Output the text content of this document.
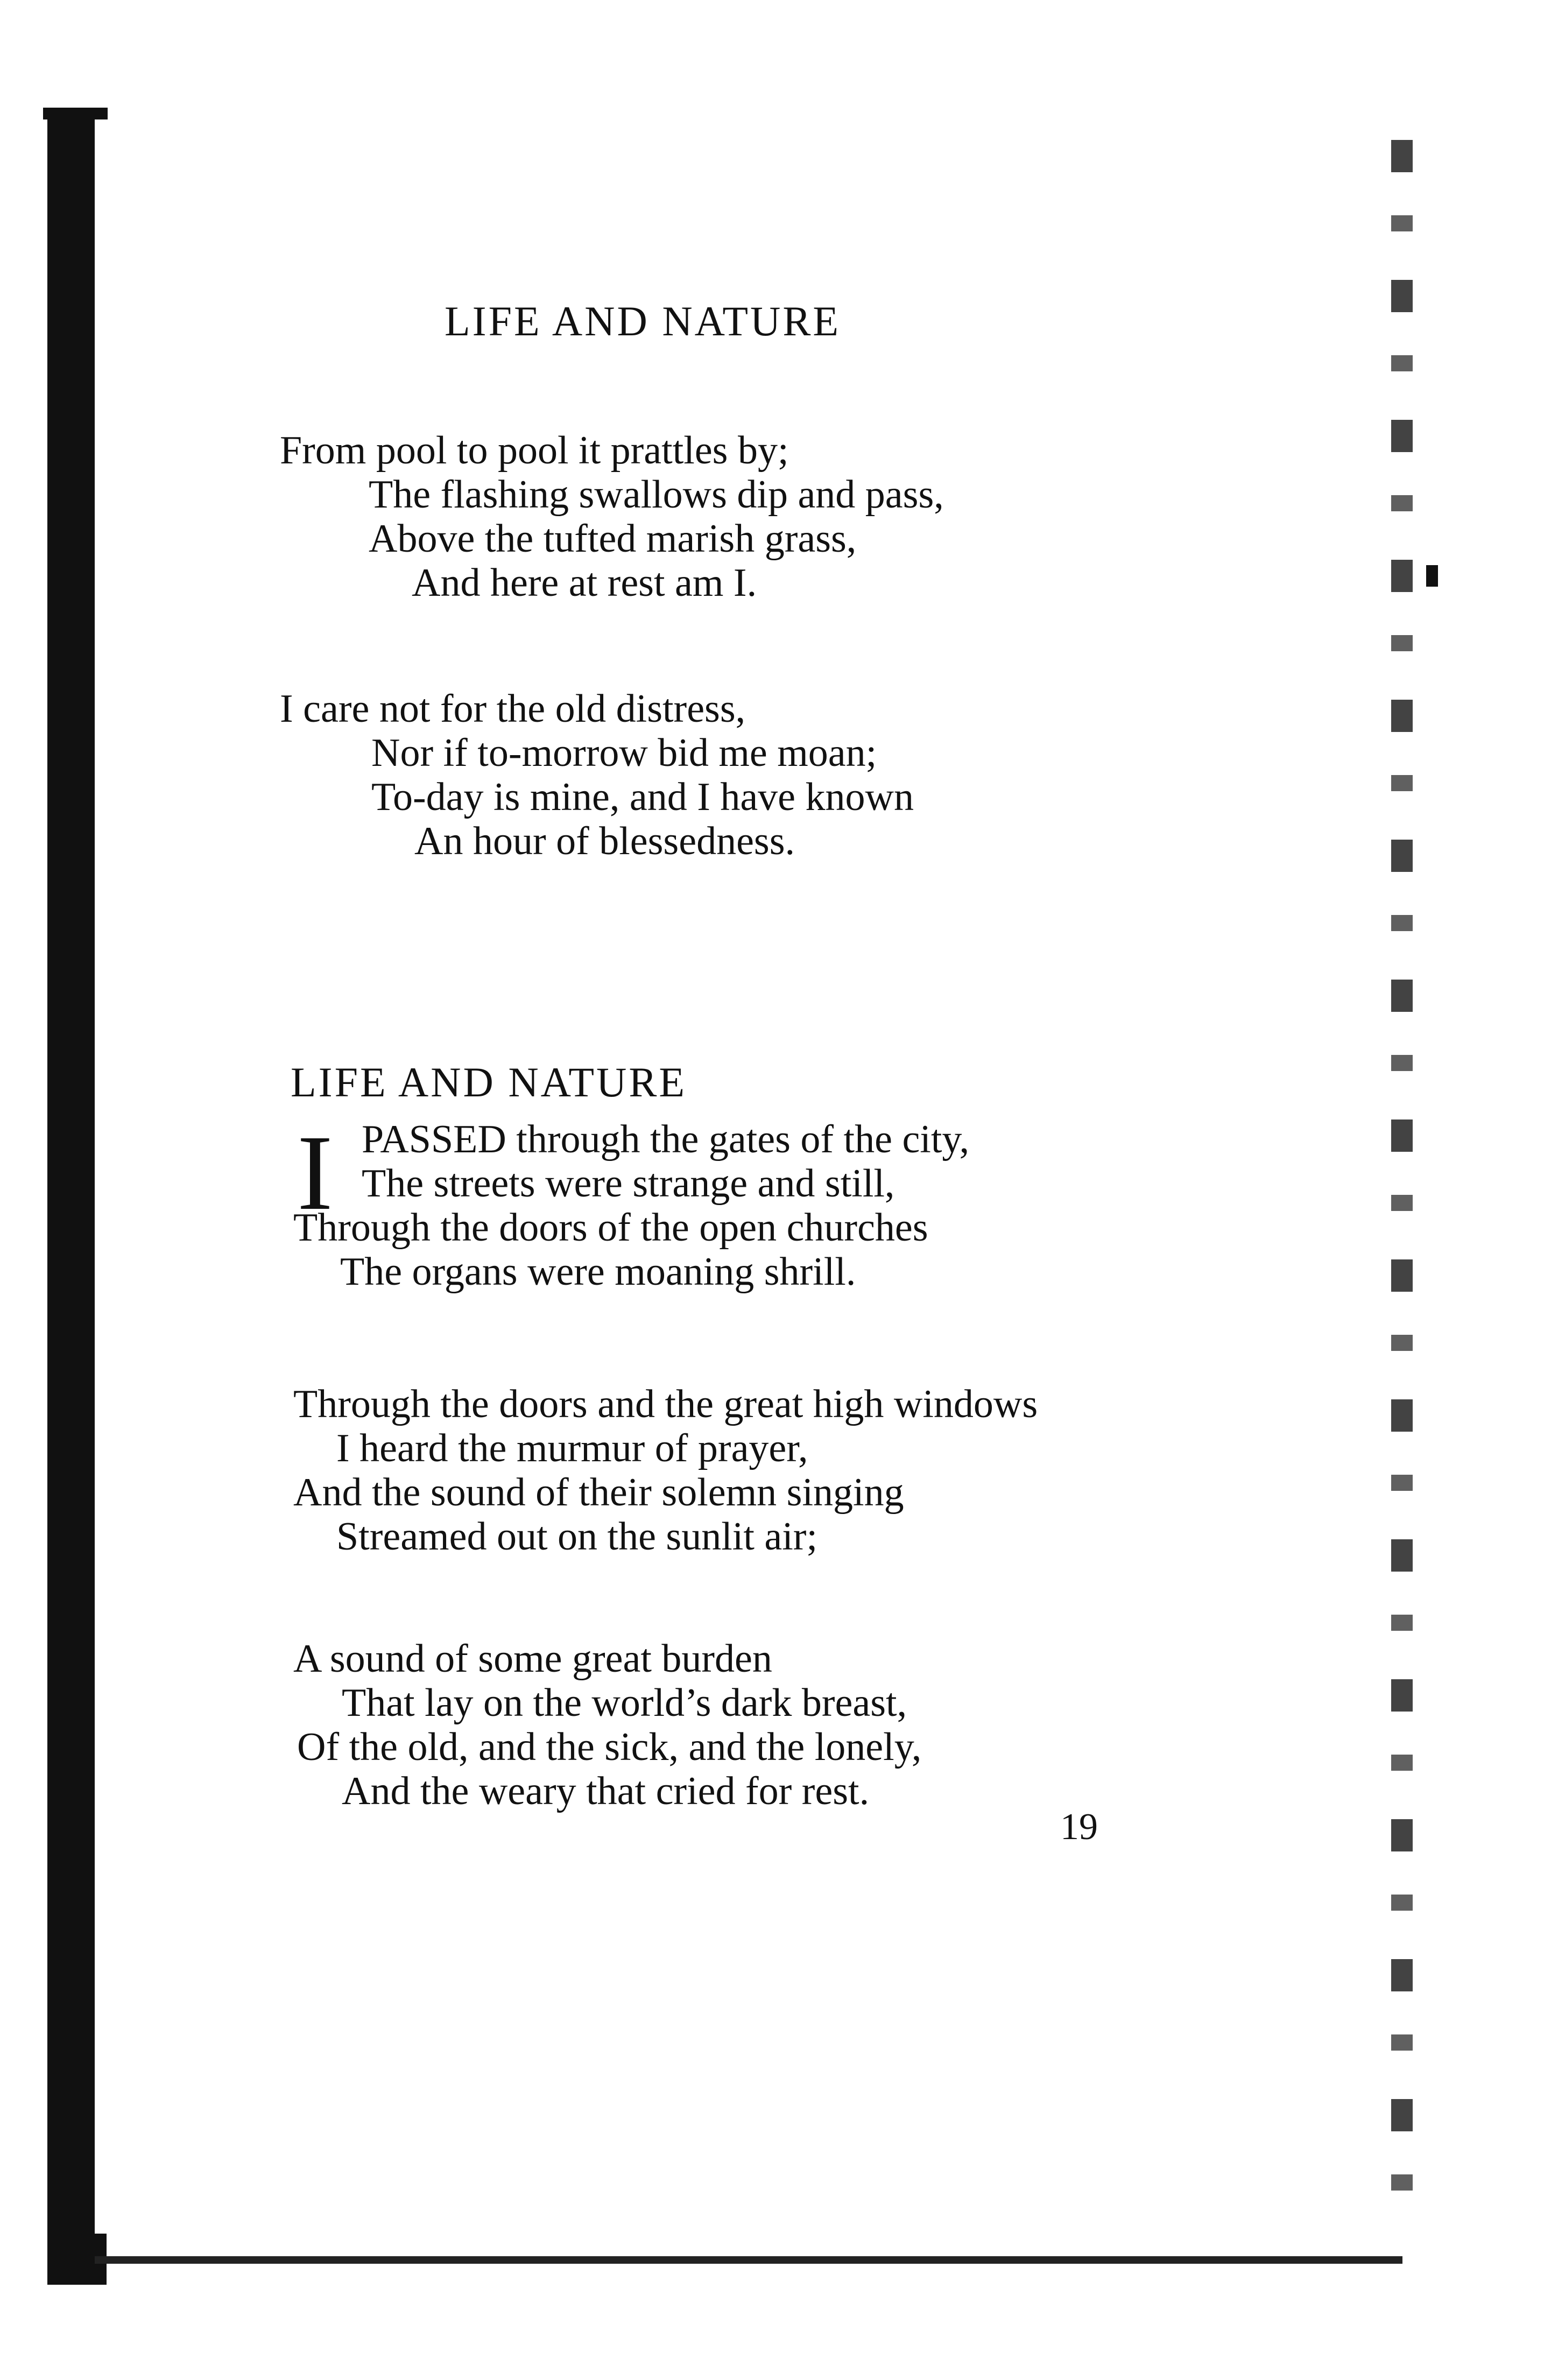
LIFE AND NATURE
From pool to pool it prattles by;
The flashing swallows dip and pass,
Above the tufted marish grass,
And here at rest am I.
I care not for the old distress,
Nor if to-morrow bid me moan;
To-day is mine, and I have known
An hour of blessedness.
LIFE AND NATURE
I PASSED through the gates of the city,
The streets were strange and still,
Through the doors of the open churches
The organs were moaning shrill.
Through the doors and the great high windows
I heard the murmur of prayer,
And the sound of their solemn singing
Streamed out on the sunlit air;
A sound of some great burden
That lay on the world’s dark breast,
Of the old, and the sick, and the lonely,
And the weary that cried for rest.
19
